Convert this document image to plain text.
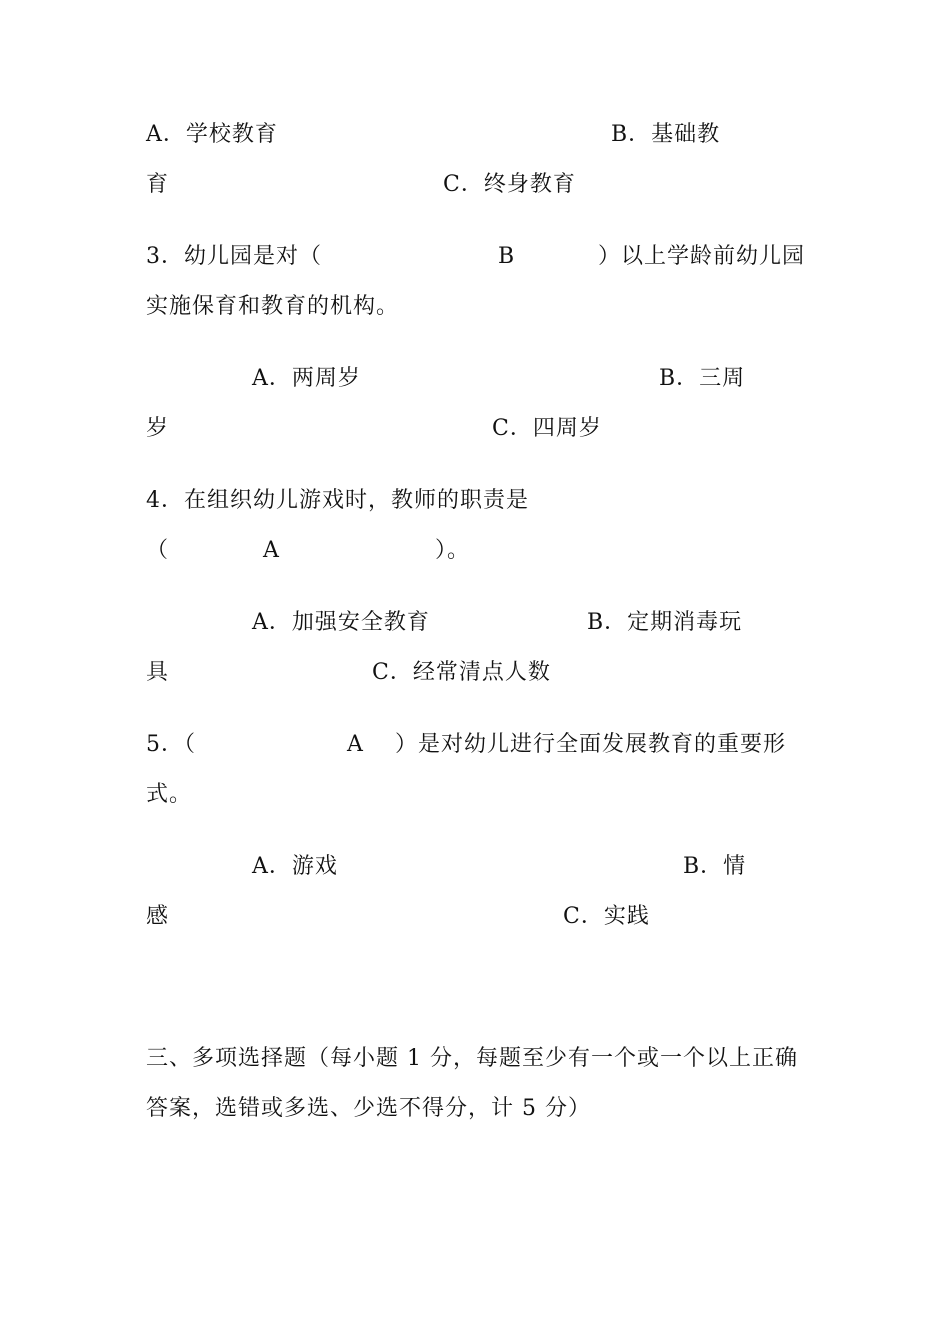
A．学校教育	B．基础教
育	C．终身教育
3．幼儿园是对（	B	）以上学龄前幼儿园
实施保育和教育的机构。
A．两周岁	B．三周
岁	C．四周岁
4．在组织幼儿游戏时，教师的职责是
（	A	）。
A．加强安全教育	B．定期消毒玩
具	C．经常清点人数
5．（	A ）是对幼儿进行全面发展教育的重要形
式。
A．游戏	B．情
感	C．实践
三、多项选择题（每小题 1 分，每题至少有一个或一个以上正确
答案，选错或多选、少选不得分，计 5 分）
